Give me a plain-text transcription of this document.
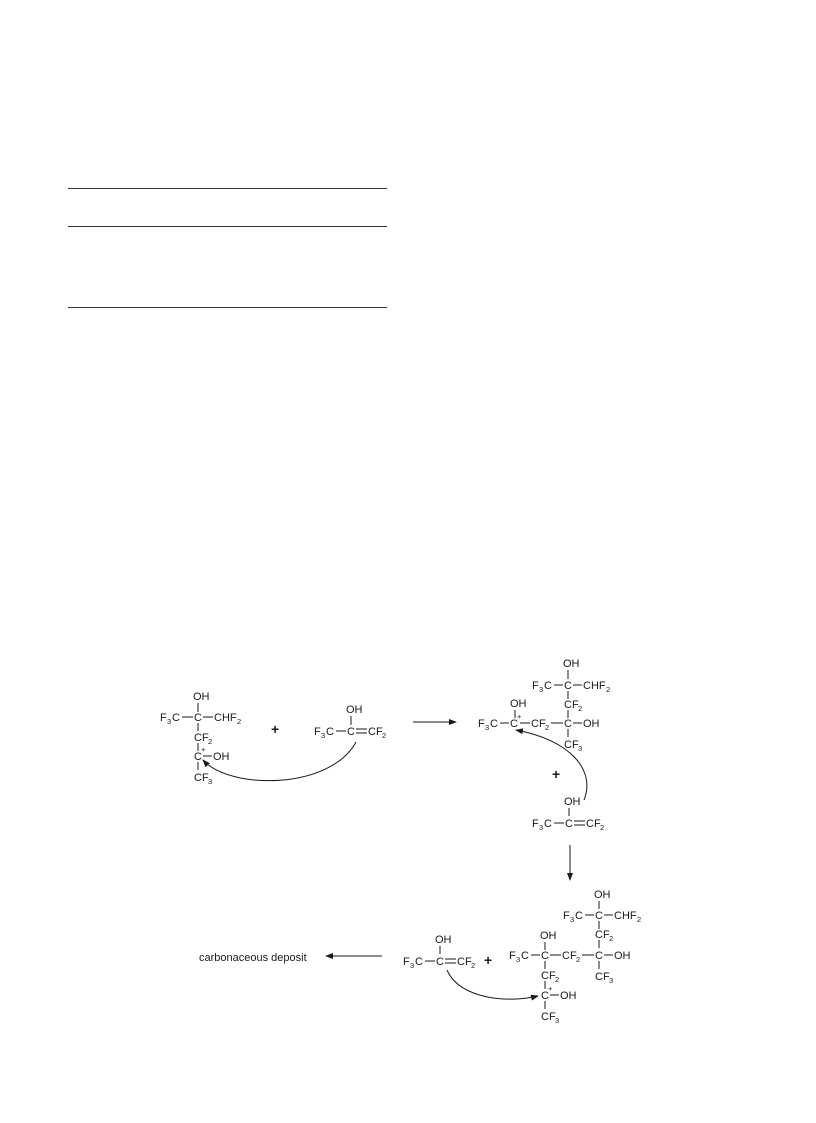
OH
F 3 C C CHF 2
CF 2
C
+
OH
CF 3
+
OH
F 3 C C CF 2
OH
F 3 C C CHF 2
CF 2
OH
F 3 C C
+
CF 2 C OH
CF 3
+
OH
F 3 C C CF 2
OH
F 3 C C CHF 2
CF 2
OH
F 3 C C CF 2 C OH
CF 3
CF 2
C
+
OH
CF 3
+
OH
F 3 C C CF 2
carbonaceous deposit
